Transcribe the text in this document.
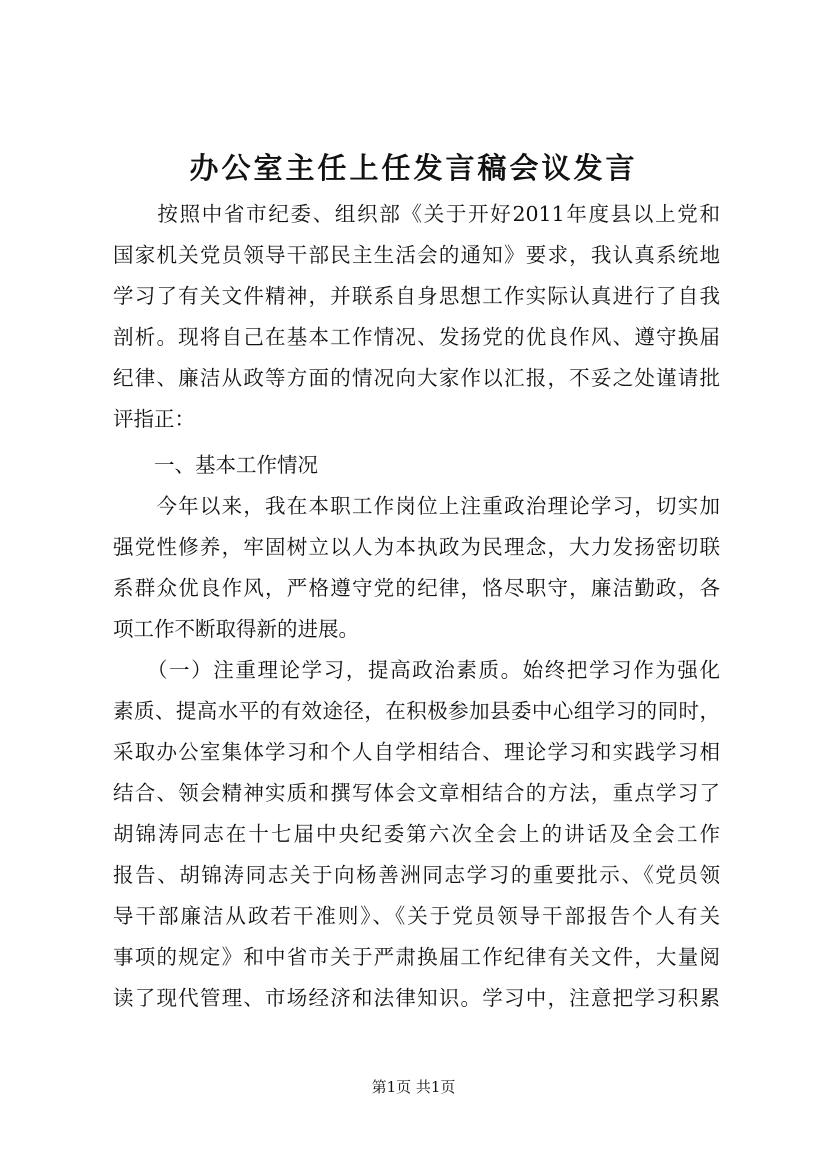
办公室主任上任发言稿会议发言

　　按照中省市纪委、组织部《关于开好2011年度县以上党和

国家机关党员领导干部民主生活会的通知》要求，我认真系统地

学习了有关文件精神，并联系自身思想工作实际认真进行了自我

剖析。现将自己在基本工作情况、发扬党的优良作风、遵守换届

纪律、廉洁从政等方面的情况向大家作以汇报，不妥之处谨请批

评指正：

　　一、基本工作情况

　　今年以来，我在本职工作岗位上注重政治理论学习，切实加

强党性修养，牢固树立以人为本执政为民理念，大力发扬密切联

系群众优良作风，严格遵守党的纪律，恪尽职守，廉洁勤政，各

项工作不断取得新的进展。

　　（一）注重理论学习，提高政治素质。始终把学习作为强化

素质、提高水平的有效途径，在积极参加县委中心组学习的同时，

采取办公室集体学习和个人自学相结合、理论学习和实践学习相

结合、领会精神实质和撰写体会文章相结合的方法，重点学习了

胡锦涛同志在十七届中央纪委第六次全会上的讲话及全会工作

报告、胡锦涛同志关于向杨善洲同志学习的重要批示、《党员领

导干部廉洁从政若干准则》、《关于党员领导干部报告个人有关

事项的规定》和中省市关于严肃换届工作纪律有关文件，大量阅

读了现代管理、市场经济和法律知识。学习中，注意把学习积累

第1页 共1页
